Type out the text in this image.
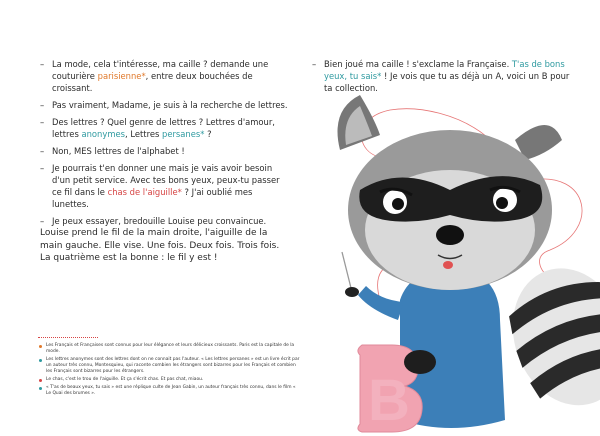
– La mode, cela t'intéresse, ma caille ? demande une couturière parisienne*, entre deux bouchées de croissant.
– Pas vraiment, Madame, je suis à la recherche de lettres.
– Des lettres ? Quel genre de lettres ? Lettres d'amour, lettres anonymes, Lettres persanes* ?
– Non, MES lettres de l'alphabet !
– Je pourrais t'en donner une mais je vais avoir besoin d'un petit service. Avec tes bons yeux, peux-tu passer ce fil dans le chas de l'aiguille* ? J'ai oublié mes lunettes.
– Je peux essayer, bredouille Louise peu convaincue.

Louise prend le fil de la main droite, l'aiguille de la main gauche. Elle vise. Une fois. Deux fois. Trois fois. La quatrième est la bonne : le fil y est !

Les Français et Françaises sont connus pour leur élégance et leurs délicieux croissants. Paris est la capitale de la mode.
Les lettres anonymes sont des lettres dont on ne connait pas l'auteur. « Les lettres persanes » est un livre écrit par un auteur très connu, Montesquieu, qui raconte combien les étrangers sont bizarres pour les Français et combien les Français sont bizarres pour les étrangers.
Le chas, c'est le trou de l'aiguille. Et ça s'écrit chas. Et pas chat, miaou.
« T'as de beaux yeux, tu sais » est une réplique culte de Jean Gabin, un auteur français très connu, dans le film « Le Quai des brumes ».	B
– Bien joué ma caille ! s'exclame la Française. T'as de bons yeux, tu sais* ! Je vois que tu as déjà un A, voici un B pour ta collection.
